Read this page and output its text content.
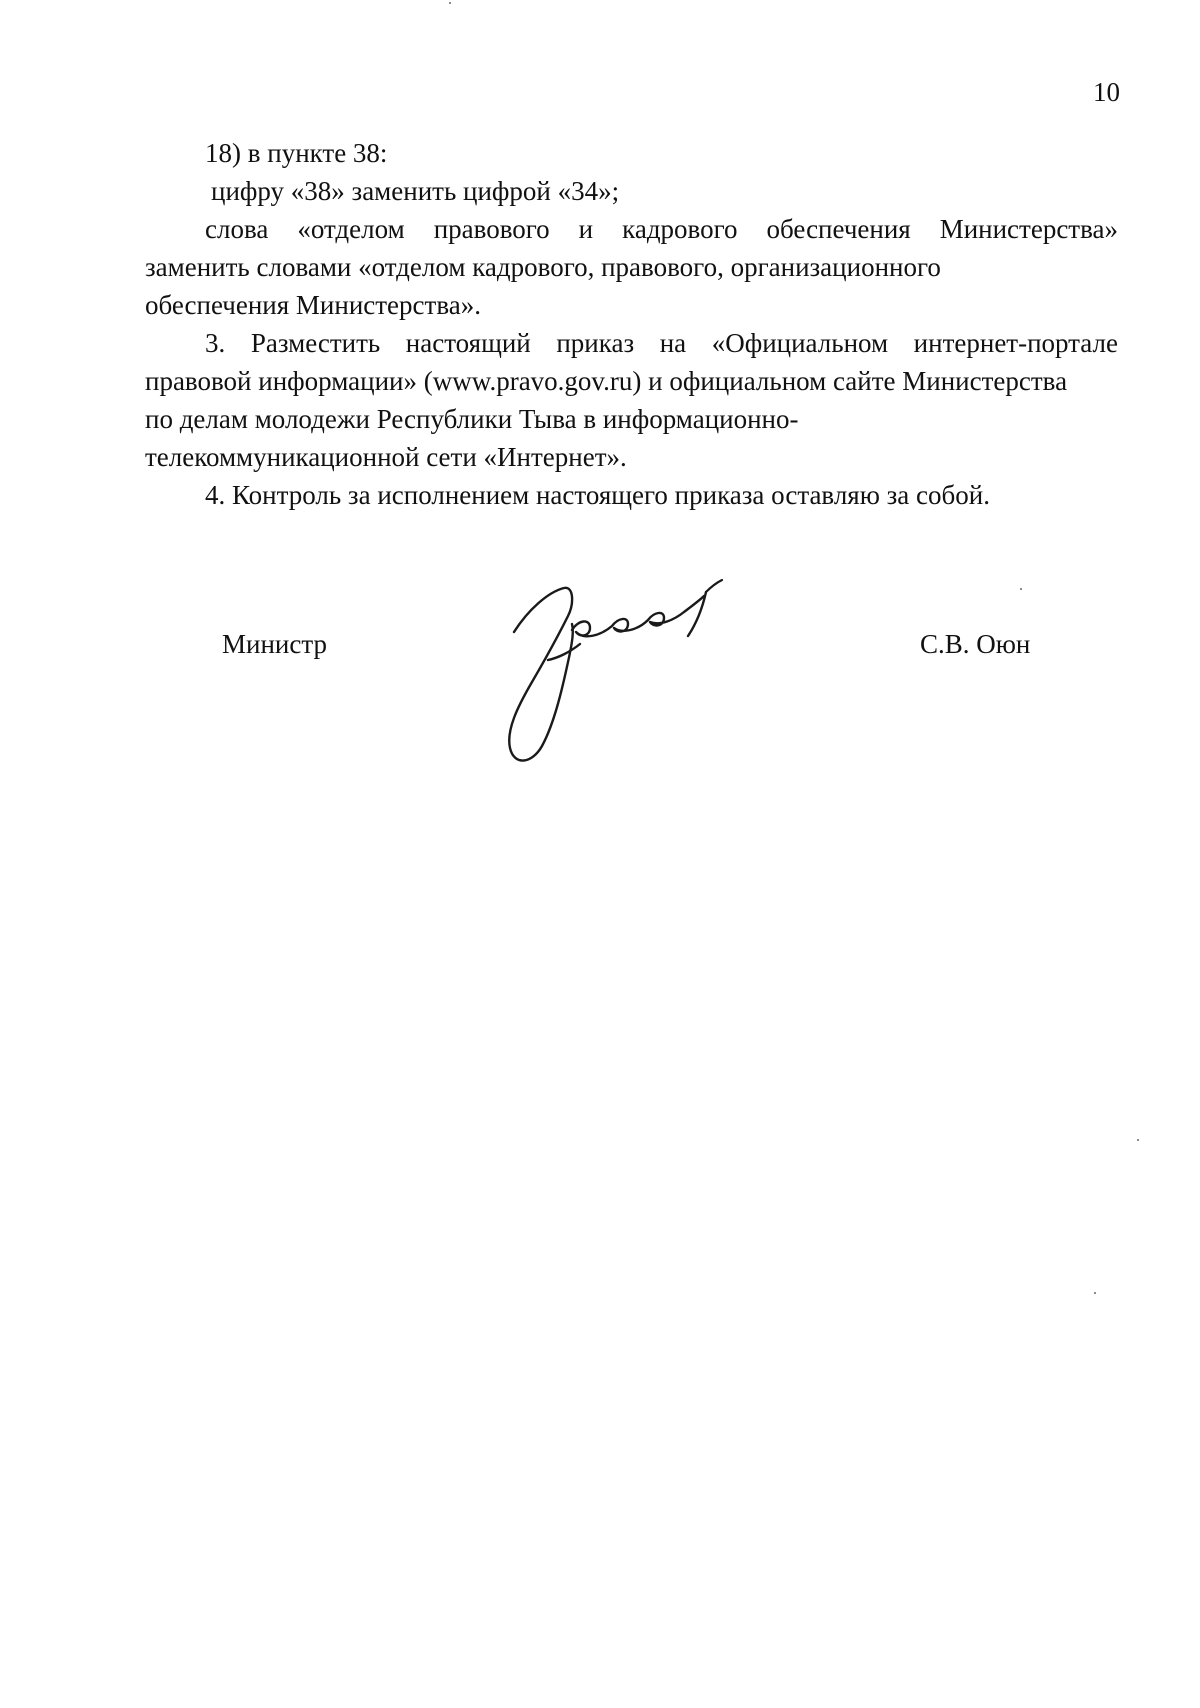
10

18) в пункте 38:

цифру «38» заменить цифрой «34»;

слова «отделом правового и кадрового обеспечения Министерства»

заменить словами «отделом кадрового, правового, организационного

обеспечения Министерства».

3. Разместить настоящий приказ на «Официальном интернет-портале

правовой информации» (www.pravo.gov.ru) и официальном сайте Министерства

по делам молодежи Республики Тыва в информационно-

телекоммуникационной сети «Интернет».

4. Контроль за исполнением настоящего приказа оставляю за собой.

Министр	С.В. Оюн
